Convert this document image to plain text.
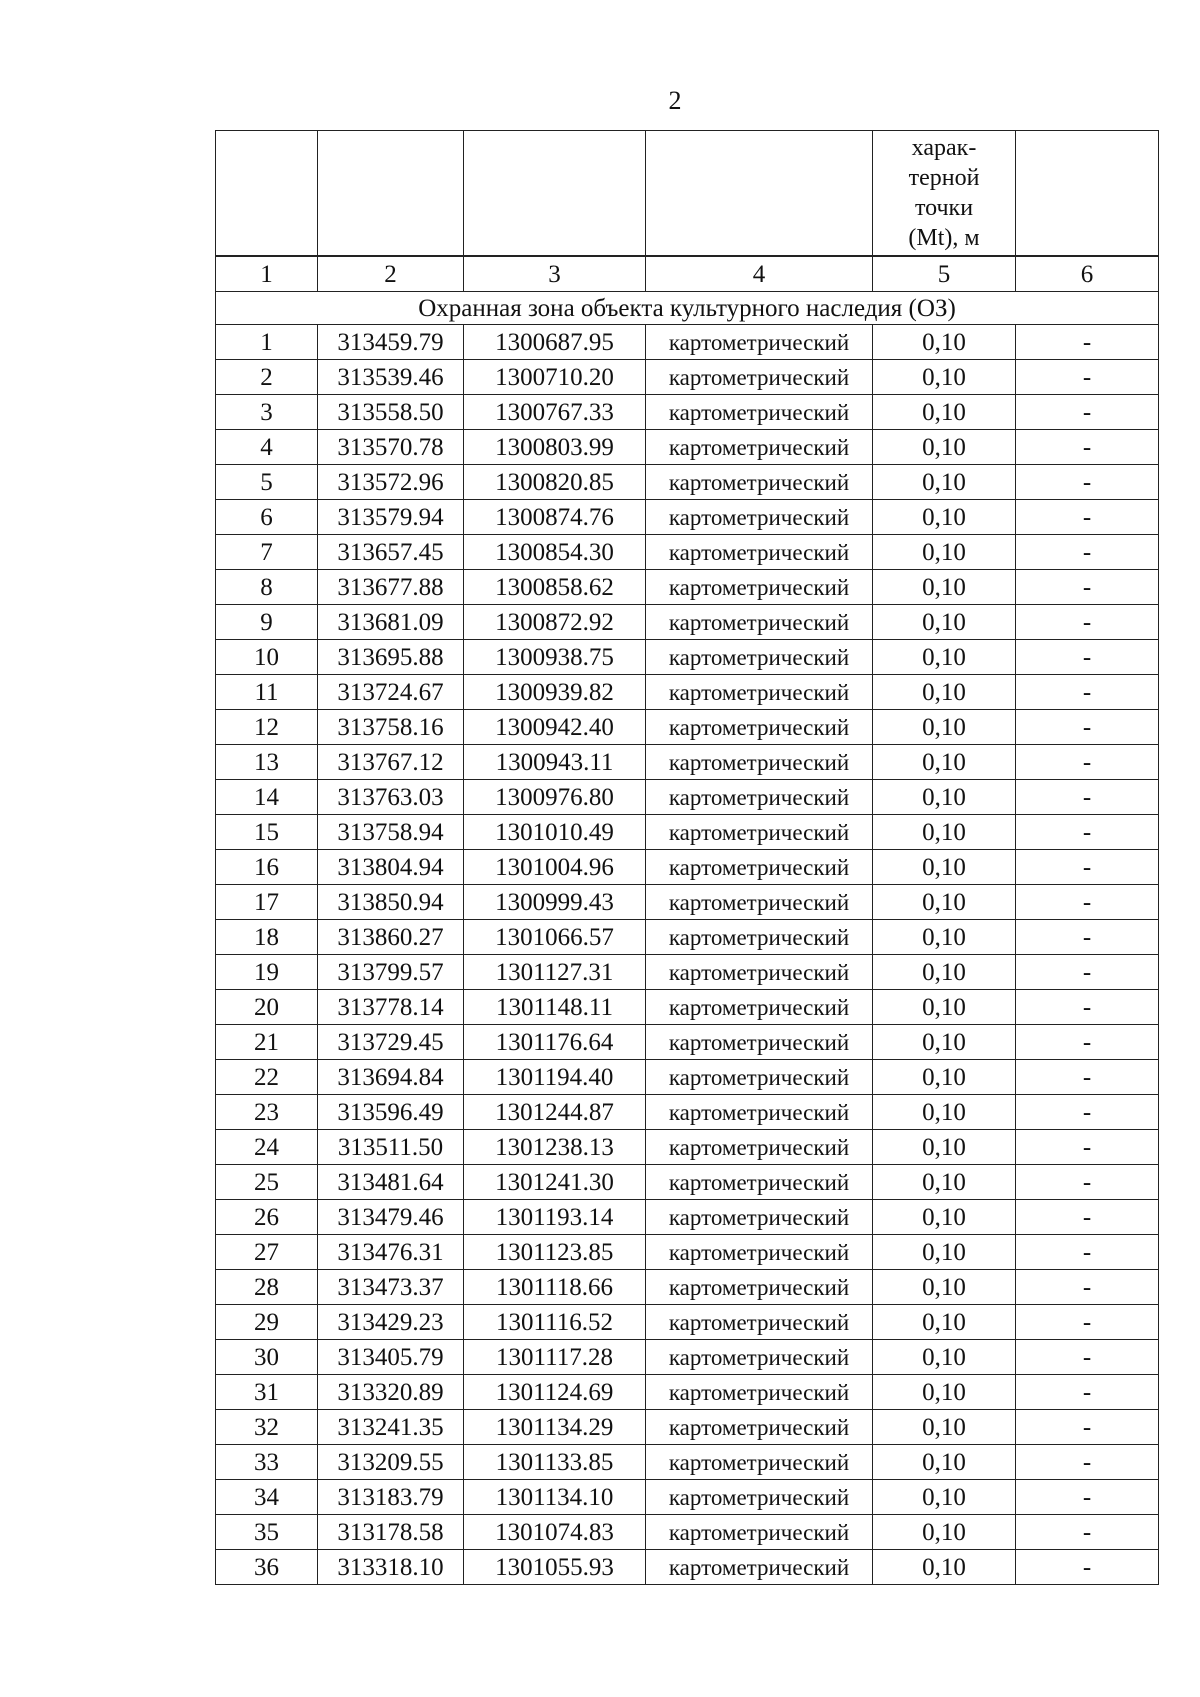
2

				харак-
терной
точки
(Mt), м	

1	2	3	4	5	6
Охранная зона объекта культурного наследия (ОЗ)					
1	313459.79	1300687.95	картометрический	0,10	-
2	313539.46	1300710.20	картометрический	0,10	-
3	313558.50	1300767.33	картометрический	0,10	-
4	313570.78	1300803.99	картометрический	0,10	-
5	313572.96	1300820.85	картометрический	0,10	-
6	313579.94	1300874.76	картометрический	0,10	-
7	313657.45	1300854.30	картометрический	0,10	-
8	313677.88	1300858.62	картометрический	0,10	-
9	313681.09	1300872.92	картометрический	0,10	-
10	313695.88	1300938.75	картометрический	0,10	-
11	313724.67	1300939.82	картометрический	0,10	-
12	313758.16	1300942.40	картометрический	0,10	-
13	313767.12	1300943.11	картометрический	0,10	-
14	313763.03	1300976.80	картометрический	0,10	-
15	313758.94	1301010.49	картометрический	0,10	-
16	313804.94	1301004.96	картометрический	0,10	-
17	313850.94	1300999.43	картометрический	0,10	-
18	313860.27	1301066.57	картометрический	0,10	-
19	313799.57	1301127.31	картометрический	0,10	-
20	313778.14	1301148.11	картометрический	0,10	-
21	313729.45	1301176.64	картометрический	0,10	-
22	313694.84	1301194.40	картометрический	0,10	-
23	313596.49	1301244.87	картометрический	0,10	-
24	313511.50	1301238.13	картометрический	0,10	-
25	313481.64	1301241.30	картометрический	0,10	-
26	313479.46	1301193.14	картометрический	0,10	-
27	313476.31	1301123.85	картометрический	0,10	-
28	313473.37	1301118.66	картометрический	0,10	-
29	313429.23	1301116.52	картометрический	0,10	-
30	313405.79	1301117.28	картометрический	0,10	-
31	313320.89	1301124.69	картометрический	0,10	-
32	313241.35	1301134.29	картометрический	0,10	-
33	313209.55	1301133.85	картометрический	0,10	-
34	313183.79	1301134.10	картометрический	0,10	-
35	313178.58	1301074.83	картометрический	0,10	-
36	313318.10	1301055.93	картометрический	0,10	-
